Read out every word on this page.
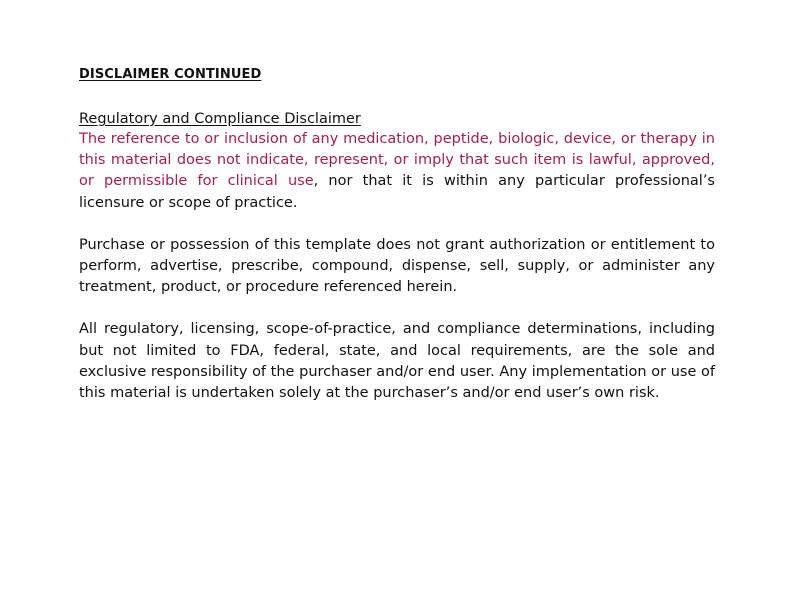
DISCLAIMER CONTINUED
Regulatory and Compliance Disclaimer

The reference to or inclusion of any medication, peptide, biologic, device, or therapy in this material does not indicate, represent, or imply that such item is lawful, approved, or permissible for clinical use, nor that it is within any particular professional’s licensure or scope of practice.

Purchase or possession of this template does not grant authorization or entitlement to perform, advertise, prescribe, compound, dispense, sell, supply, or administer any treatment, product, or procedure referenced herein.

All regulatory, licensing, scope-of-practice, and compliance determinations, including but not limited to FDA, federal, state, and local requirements, are the sole and exclusive responsibility of the purchaser and/or end user. Any implementation or use of this material is undertaken solely at the purchaser’s and/or end user’s own risk.
